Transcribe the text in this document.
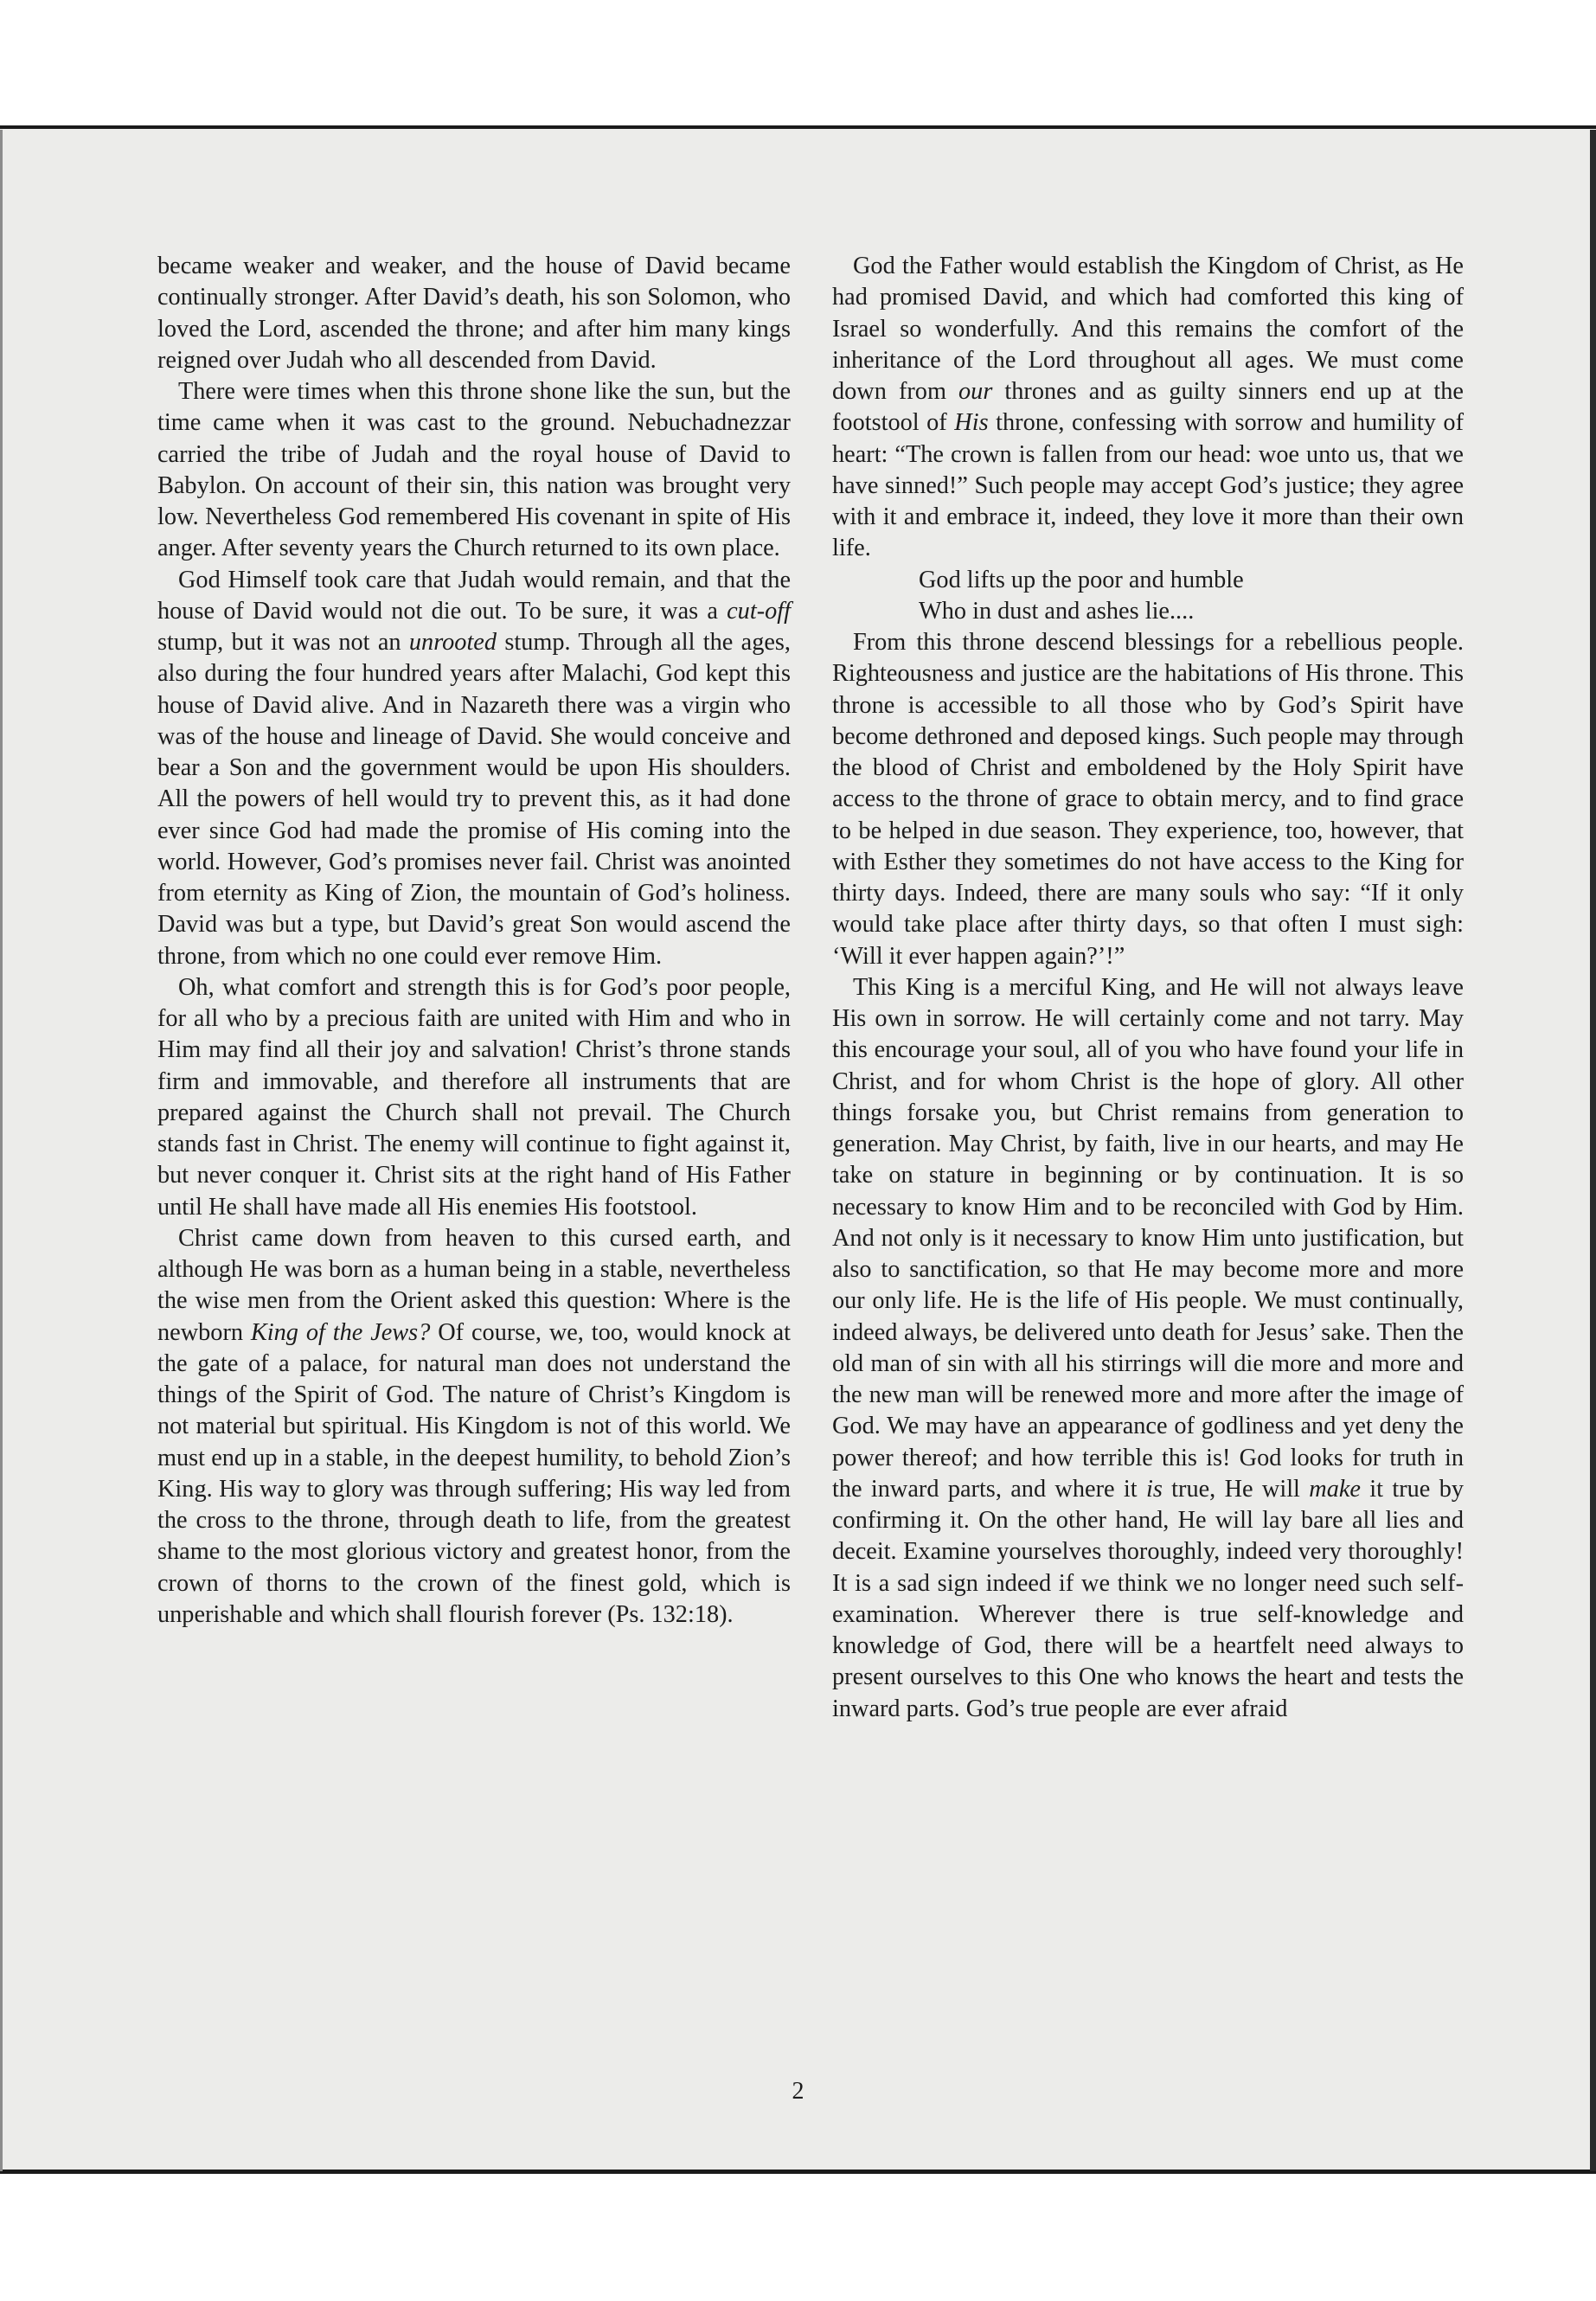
became weaker and weaker, and the house of David became continually stronger. After David’s death, his son Solomon, who loved the Lord, ascended the throne; and after him many kings reigned over Judah who all descended from David.

There were times when this throne shone like the sun, but the time came when it was cast to the ground. Nebuchadnezzar carried the tribe of Judah and the royal house of David to Babylon. On account of their sin, this nation was brought very low. Nevertheless God remembered His covenant in spite of His anger. After seventy years the Church returned to its own place.

God Himself took care that Judah would remain, and that the house of David would not die out. To be sure, it was a cut-off stump, but it was not an unrooted stump. Through all the ages, also during the four hundred years after Malachi, God kept this house of David alive. And in Nazareth there was a virgin who was of the house and lineage of David. She would conceive and bear a Son and the government would be upon His shoulders. All the powers of hell would try to prevent this, as it had done ever since God had made the promise of His coming into the world. However, God’s promises never fail. Christ was anointed from eternity as King of Zion, the mountain of God’s holiness. David was but a type, but David’s great Son would ascend the throne, from which no one could ever remove Him.

Oh, what comfort and strength this is for God’s poor people, for all who by a precious faith are united with Him and who in Him may find all their joy and salvation! Christ’s throne stands firm and immovable, and therefore all instruments that are prepared against the Church shall not prevail. The Church stands fast in Christ. The enemy will continue to fight against it, but never conquer it. Christ sits at the right hand of His Father until He shall have made all His enemies His footstool.

Christ came down from heaven to this cursed earth, and although He was born as a human being in a stable, nevertheless the wise men from the Orient asked this question: Where is the newborn King of the Jews? Of course, we, too, would knock at the gate of a palace, for natural man does not understand the things of the Spirit of God. The nature of Christ’s Kingdom is not material but spiritual. His Kingdom is not of this world. We must end up in a stable, in the deepest humility, to behold Zion’s King. His way to glory was through suffering; His way led from the cross to the throne, through death to life, from the greatest shame to the most glorious victory and greatest honor, from the crown of thorns to the crown of the finest gold, which is unperishable and which shall flourish forever (Ps. 132:18).

God the Father would establish the Kingdom of Christ, as He had promised David, and which had comforted this king of Israel so wonderfully. And this remains the comfort of the inheritance of the Lord throughout all ages. We must come down from our thrones and as guilty sinners end up at the footstool of His throne, confessing with sorrow and humility of heart: “The crown is fallen from our head: woe unto us, that we have sinned!” Such people may accept God’s justice; they agree with it and embrace it, indeed, they love it more than their own life.

God lifts up the poor and humble

Who in dust and ashes lie....

From this throne descend blessings for a rebellious people. Righteousness and justice are the habitations of His throne. This throne is accessible to all those who by God’s Spirit have become dethroned and deposed kings. Such people may through the blood of Christ and emboldened by the Holy Spirit have access to the throne of grace to obtain mercy, and to find grace to be helped in due season. They experience, too, however, that with Esther they sometimes do not have access to the King for thirty days. Indeed, there are many souls who say: “If it only would take place after thirty days, so that often I must sigh: ‘Will it ever happen again?’!”

This King is a merciful King, and He will not always leave His own in sorrow. He will certainly come and not tarry. May this encourage your soul, all of you who have found your life in Christ, and for whom Christ is the hope of glory. All other things forsake you, but Christ remains from generation to generation. May Christ, by faith, live in our hearts, and may He take on stature in beginning or by continuation. It is so necessary to know Him and to be reconciled with God by Him. And not only is it necessary to know Him unto justification, but also to sanctification, so that He may become more and more our only life. He is the life of His people. We must continually, indeed always, be delivered unto death for Jesus’ sake. Then the old man of sin with all his stirrings will die more and more and the new man will be renewed more and more after the image of God. We may have an appearance of godliness and yet deny the power thereof; and how terrible this is! God looks for truth in the inward parts, and where it is true, He will make it true by confirming it. On the other hand, He will lay bare all lies and deceit. Examine yourselves thoroughly, indeed very thoroughly! It is a sad sign indeed if we think we no longer need such self-examination. Wherever there is true self-knowledge and knowledge of God, there will be a heartfelt need always to present ourselves to this One who knows the heart and tests the inward parts. God’s true people are ever afraid

2
